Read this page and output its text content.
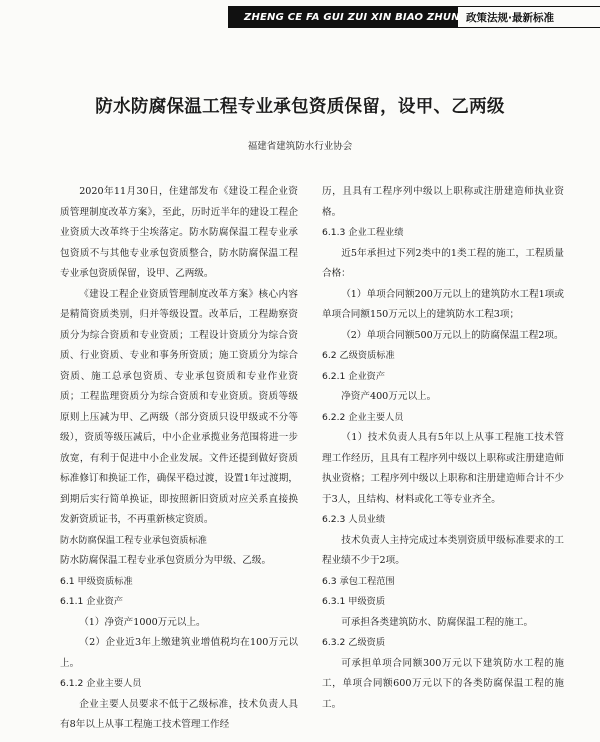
ZHENG CE FA GUI ZUI XIN BIAO ZHUN 政策法规·最新标准
防水防腐保温工程专业承包资质保留，设甲、乙两级
福建省建筑防水行业协会

2020年11月30日，住建部发布《建设工程企业资质管理制度改革方案》，至此，历时近半年的建设工程企业资质大改革终于尘埃落定。防水防腐保温工程专业承包资质不与其他专业承包资质整合，防水防腐保温工程专业承包资质保留，设甲、乙两级。

《建设工程企业资质管理制度改革方案》核心内容是精简资质类别，归并等级设置。改革后，工程勘察资质分为综合资质和专业资质；工程设计资质分为综合资质、行业资质、专业和事务所资质；施工资质分为综合资质、施工总承包资质、专业承包资质和专业作业资质；工程监理资质分为综合资质和专业资质。资质等级原则上压减为甲、乙两级（部分资质只设甲级或不分等级），资质等级压减后，中小企业承揽业务范围将进一步放宽，有利于促进中小企业发展。文件还提到做好资质标准修订和换证工作，确保平稳过渡，设置1年过渡期，到期后实行简单换证，即按照新旧资质对应关系直接换发新资质证书，不再重新核定资质。

防水防腐保温工程专业承包资质标准

防水防腐保温工程专业承包资质分为甲级、乙级。

6.1 甲级资质标准

6.1.1 企业资产

（1）净资产1000万元以上。

（2）企业近3年上缴建筑业增值税均在100万元以上。

6.1.2 企业主要人员

企业主要人员要求不低于乙级标准，技术负责人具有8年以上从事工程施工技术管理工作经

历，且具有工程序列中级以上职称或注册建造师执业资格。

6.1.3 企业工程业绩

近5年承担过下列2类中的1类工程的施工，工程质量合格：

（1）单项合同额200万元以上的建筑防水工程1项或单项合同额150万元以上的建筑防水工程3项；

（2）单项合同额500万元以上的防腐保温工程2项。

6.2 乙级资质标准

6.2.1 企业资产

净资产400万元以上。

6.2.2 企业主要人员

（1）技术负责人具有5年以上从事工程施工技术管理工作经历，且具有工程序列中级以上职称或注册建造师执业资格；工程序列中级以上职称和注册建造师合计不少于3人，且结构、材料或化工等专业齐全。

6.2.3 人员业绩

技术负责人主持完成过本类别资质甲级标准要求的工程业绩不少于2项。

6.3 承包工程范围

6.3.1 甲级资质

可承担各类建筑防水、防腐保温工程的施工。

6.3.2 乙级资质

可承担单项合同额300万元以下建筑防水工程的施工，单项合同额600万元以下的各类防腐保温工程的施工。
